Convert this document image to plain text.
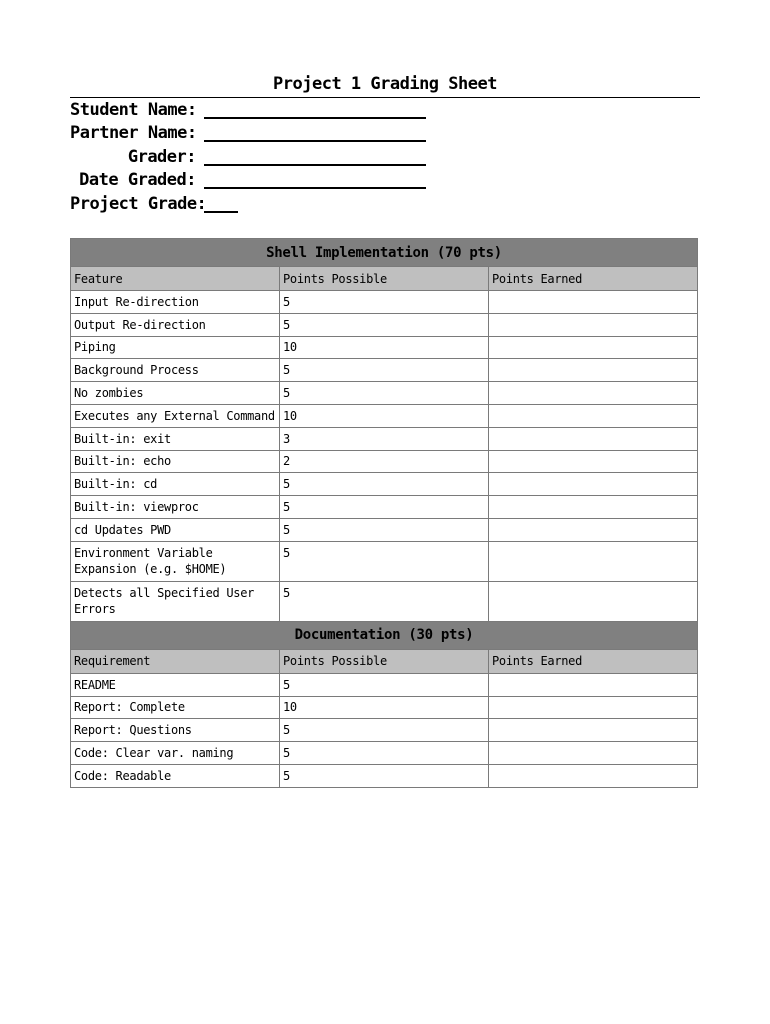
Project 1 Grading Sheet
Student Name:
Partner Name:
Grader:
Date Graded:
Project Grade:
Shell Implementation (70 pts)		
Feature	Points Possible	Points Earned
Input Re-direction	5	
Output Re-direction	5	
Piping	10	
Background Process	5	
No zombies	5	
Executes any External Command	10	
Built-in: exit	3	
Built-in: echo	2	
Built-in: cd	5	
Built-in: viewproc	5	
cd Updates PWD	5	
Environment Variable Expansion (e.g. $HOME)	5	
Detects all Specified User Errors	5	
Documentation (30 pts)		
Requirement	Points Possible	Points Earned
README	5	
Report: Complete	10	
Report: Questions	5	
Code: Clear var. naming	5	
Code: Readable	5	
